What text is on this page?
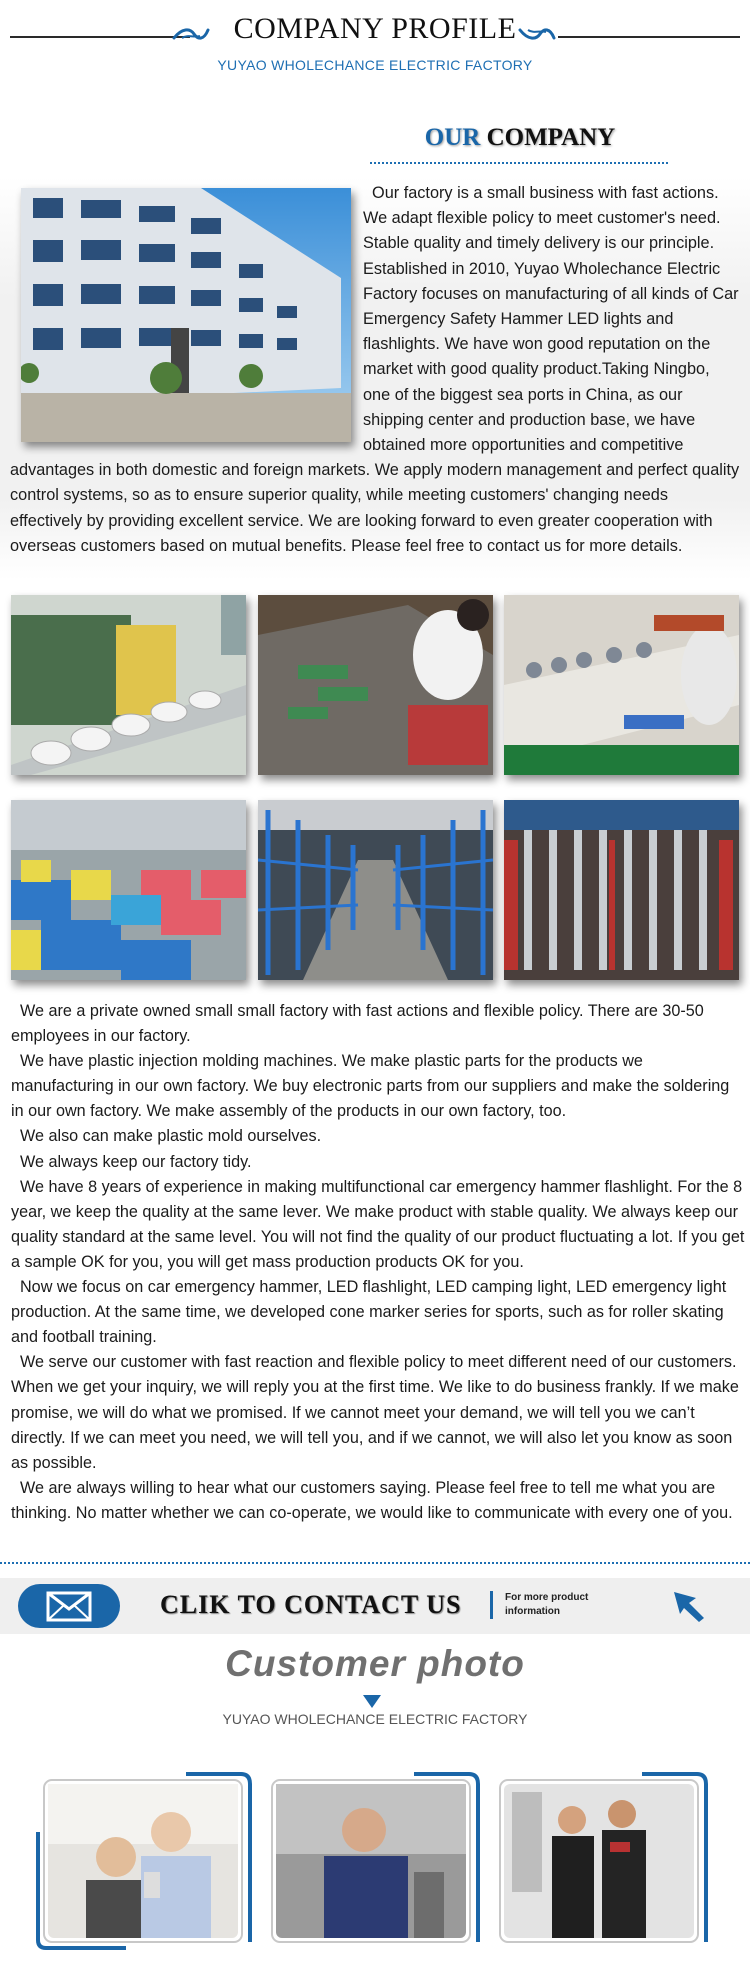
COMPANY PROFILE
YUYAO WHOLECHANCE ELECTRIC FACTORY
OUR COMPANY
Our factory is a small business with fast actions. We adapt flexible policy to meet customer's need. Stable quality and timely delivery is our principle. Established in 2010, Yuyao Wholechance Electric Factory focuses on manufacturing of all kinds of Car Emergency Safety Hammer LED lights and flashlights. We have won good reputation on the market with good quality product.Taking Ningbo, one of the biggest sea ports in China, as our shipping center and production base, we have obtained more opportunities and competitive advantages in both domestic and foreign markets. We apply modern management and perfect quality control systems, so as to ensure superior quality, while meeting customers' changing needs effectively by providing excellent service. We are looking forward to even greater cooperation with overseas customers based on mutual benefits. Please feel free to contact us for more details.

We are a private owned small small factory with fast actions and flexible policy. There are 30-50 employees in our factory.

We have plastic injection molding machines. We make plastic parts for the products we manufacturing in our own factory. We buy electronic parts from our suppliers and make the soldering in our own factory. We make assembly of the products in our own factory, too.

We also can make plastic mold ourselves.

We always keep our factory tidy.

We have 8 years of experience in making multifunctional car emergency hammer flashlight. For the 8 year, we keep the quality at the same lever. We make product with stable quality. We always keep our quality standard at the same level. You will not find the quality of our product fluctuating a lot. If you get a sample OK for you, you will get mass production products OK for you.

Now we focus on car emergency hammer, LED flashlight, LED camping light, LED emergency light production. At the same time, we developed cone marker series for sports, such as for roller skating and football training.

We serve our customer with fast reaction and flexible policy to meet different need of our customers. When we get your inquiry, we will reply you at the first time. We like to do business frankly. If we make promise, we will do what we promised. If we cannot meet your demand, we will tell you we can’t directly. If we can meet you need, we will tell you, and if we cannot, we will also let you know as soon as possible.

We are always willing to hear what our customers saying. Please feel free to tell me what you are thinking. No matter whether we can co-operate, we would like to communicate with every one of you.

CLIK TO CONTACT US	For more product
information
Customer photo
YUYAO WHOLECHANCE ELECTRIC FACTORY
